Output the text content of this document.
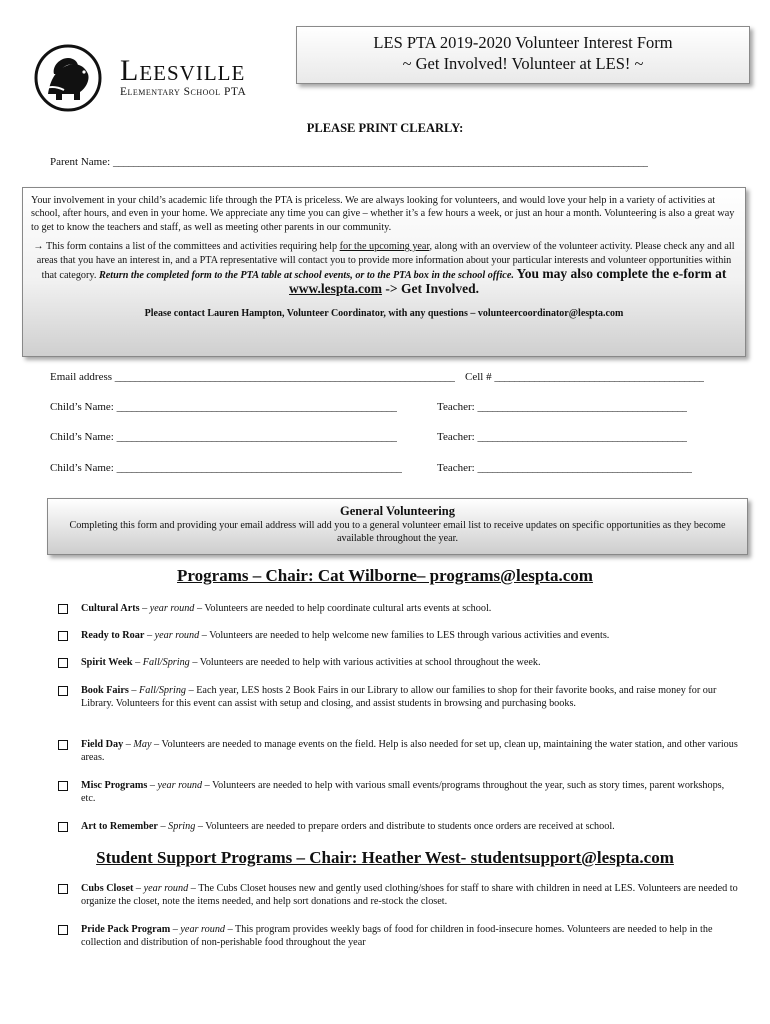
Leesville
Elementary School PTA
LES PTA 2019-2020 Volunteer Interest Form
~ Get Involved! Volunteer at LES! ~
PLEASE PRINT CLEARLY:
Parent Name: ___________________________________________________________________________________________________________

Your involvement in your child’s academic life through the PTA is priceless. We are always looking for volunteers, and would love your help in a variety of activities at school, after hours, and even in your home. We appreciate any time you can give – whether it’s a few hours a week, or just an hour a month. Volunteering is also a great way to get to know the teachers and staff, as well as meeting other parents in our community.

→ This form contains a list of the committees and activities requiring help for the upcoming year, along with an overview of the volunteer activity. Please check any and all areas that you have an interest in, and a PTA representative will contact you to provide more information about your particular interests and volunteer opportunities within that category. Return the completed form to the PTA table at school events, or to the PTA box in the school office. You may also complete the e-form at www.lespta.com -> Get Involved.

Please contact Lauren Hampton, Volunteer Coordinator, with any questions – volunteercoordinator@lespta.com

Email address ____________________________________________________________________ Cell # __________________________________________
Child’s Name: ________________________________________________________	Teacher: __________________________________________
Child’s Name: ________________________________________________________	Teacher: __________________________________________
Child’s Name: _________________________________________________________	Teacher: ___________________________________________
General Volunteering
Completing this form and providing your email address will add you to a general volunteer email list to receive updates on specific opportunities as they become available throughout the year.
Programs – Chair: Cat Wilborne– programs@lespta.com
Cultural Arts – year round – Volunteers are needed to help coordinate cultural arts events at school.
Ready to Roar – year round – Volunteers are needed to help welcome new families to LES through various activities and events.
Spirit Week – Fall/Spring – Volunteers are needed to help with various activities at school throughout the week.
Book Fairs – Fall/Spring – Each year, LES hosts 2 Book Fairs in our Library to allow our families to shop for their favorite books, and raise money for our Library. Volunteers for this event can assist with setup and closing, and assist students in browsing and purchasing books.
Field Day – May – Volunteers are needed to manage events on the field. Help is also needed for set up, clean up, maintaining the water station, and other various areas.
Misc Programs – year round – Volunteers are needed to help with various small events/programs throughout the year, such as story times, parent workshops, etc.
Art to Remember – Spring – Volunteers are needed to prepare orders and distribute to students once orders are received at school.
Student Support Programs – Chair: Heather West- studentsupport@lespta.com
Cubs Closet – year round – The Cubs Closet houses new and gently used clothing/shoes for staff to share with children in need at LES. Volunteers are needed to organize the closet, note the items needed, and help sort donations and re-stock the closet.
Pride Pack Program – year round – This program provides weekly bags of food for children in food-insecure homes. Volunteers are needed to help in the collection and distribution of non-perishable food throughout the year
